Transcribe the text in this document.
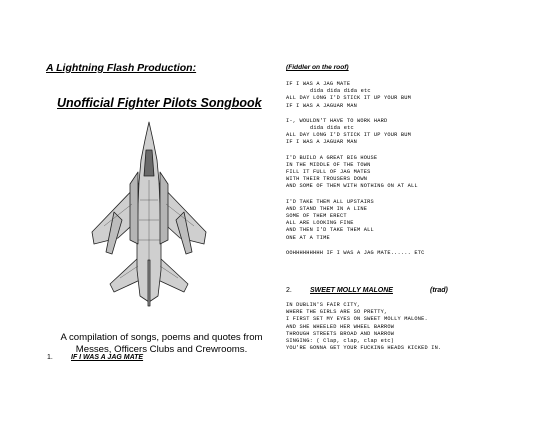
A Lightning Flash Production:
Unofficial Fighter Pilots Songbook
A compilation of songs, poems and quotes from
Messes, Officers Clubs and Crewrooms.
1.	IF I WAS A JAG MATE
(Fiddler on the roof)
IF I WAS A JAG MATE
dida dida dida etc
ALL DAY LONG I'D STICK IT UP YOUR BUM
IF I WAS A JAGUAR MAN
I-, WOULDN'T HAVE TO WORK HARD
dida dida etc
ALL DAY LONG I'D STICK IT UP YOUR BUM
IF I WAS A JAGUAR MAN
I'D BUILD A GREAT BIG HOUSE
IN THE MIDDLE OF THE TOWN
FILL IT FULL OF JAG MATES
WITH THEIR TROUSERS DOWN
AND SOME OF THEM WITH NOTHING ON AT ALL
I'D TAKE THEM ALL UPSTAIRS
AND STAND THEM IN A LINE
SOME OF THEM ERECT
ALL ARE LOOKING FINE
AND THEN I'D TAKE THEM ALL
ONE AT A TIME
OOHHHHHHHHH IF I WAS A JAG MATE...... ETC
2.	SWEET MOLLY MALONE	(trad)
IN DUBLIN'S FAIR CITY,
WHERE THE GIRLS ARE SO PRETTY,
I FIRST SET MY EYES ON SWEET MOLLY MALONE.
AND SHE WHEELED HER WHEEL BARROW
THROUGH STREETS BROAD AND NARROW
SINGING: ( Clap, clap, clap etc)
YOU'RE GONNA GET YOUR FUCKING HEADS KICKED IN.
